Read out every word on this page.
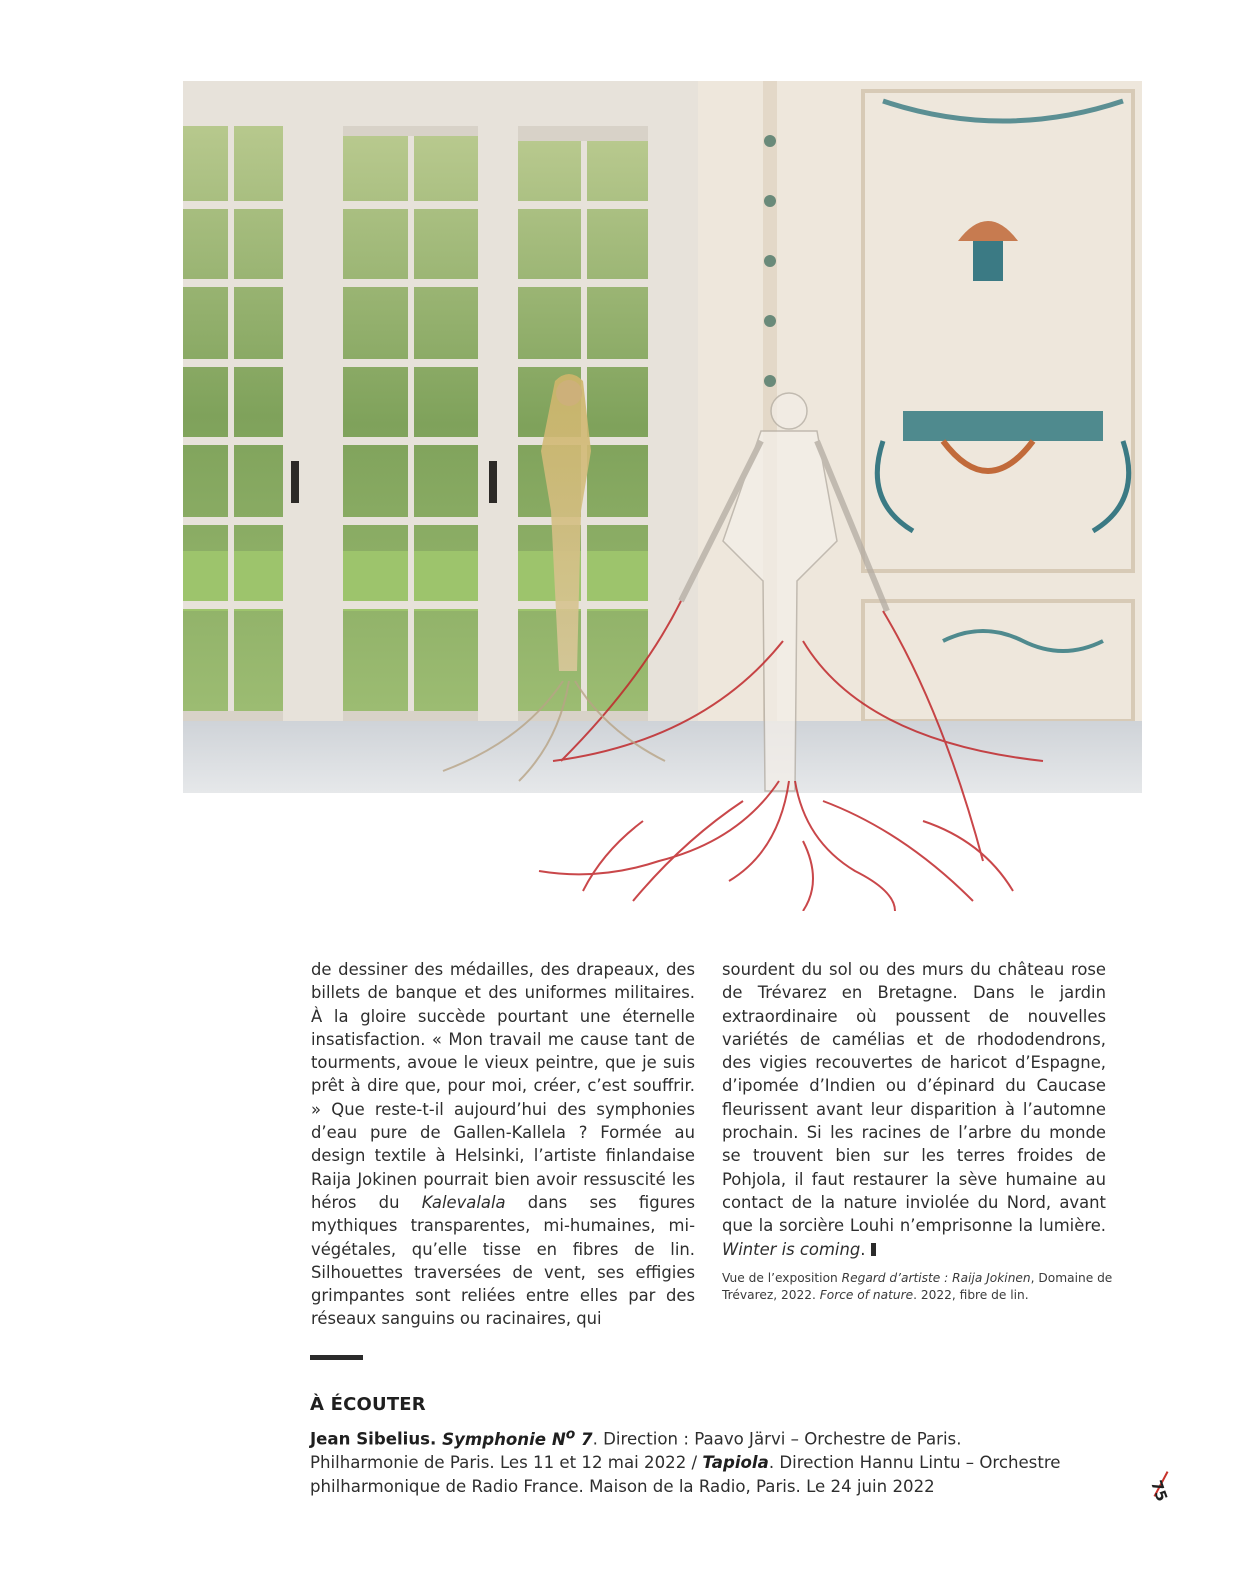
de dessiner des médailles, des drapeaux, des billets de banque et des uniformes militaires. À la gloire succède pourtant une éternelle insatisfaction. « Mon travail me cause tant de tourments, avoue le vieux peintre, que je suis prêt à dire que, pour moi, créer, c’est souffrir. » Que reste-t-il aujourd’hui des symphonies d’eau pure de Gallen-Kallela ? Formée au design textile à Helsinki, l’artiste finlandaise Raija Jokinen pourrait bien avoir ressuscité les héros du Kalevalala dans ses figures mythiques transparentes, mi-humaines, mi-végétales, qu’elle tisse en fibres de lin. Silhouettes traversées de vent, ses effigies grimpantes sont reliées entre elles par des réseaux sanguins ou racinaires, qui

sourdent du sol ou des murs du château rose de Trévarez en Bretagne. Dans le jardin extraordinaire où poussent de nouvelles variétés de camélias et de rhododendrons, des vigies recouvertes de haricot d’Espagne, d’ipomée d’Indien ou d’épinard du Caucase fleurissent avant leur disparition à l’automne prochain. Si les racines de l’arbre du monde se trouvent bien sur les terres froides de Pohjola, il faut restaurer la sève humaine au contact de la nature inviolée du Nord, avant que la sorcière Louhi n’emprisonne la lumière. Winter is coming.

Vue de l’exposition Regard d’artiste : Raija Jokinen, Domaine de Trévarez, 2022. Force of nature. 2022, fibre de lin.
À ÉCOUTER
Jean Sibelius. Symphonie $N^o$ 7. Direction : Paavo Järvi – Orchestre de Paris. Philharmonie de Paris. Les 11 et 12 mai 2022 / Tapiola. Direction Hannu Lintu – Orchestre philharmonique de Radio France. Maison de la Radio, Paris. Le 24 juin 2022	75
